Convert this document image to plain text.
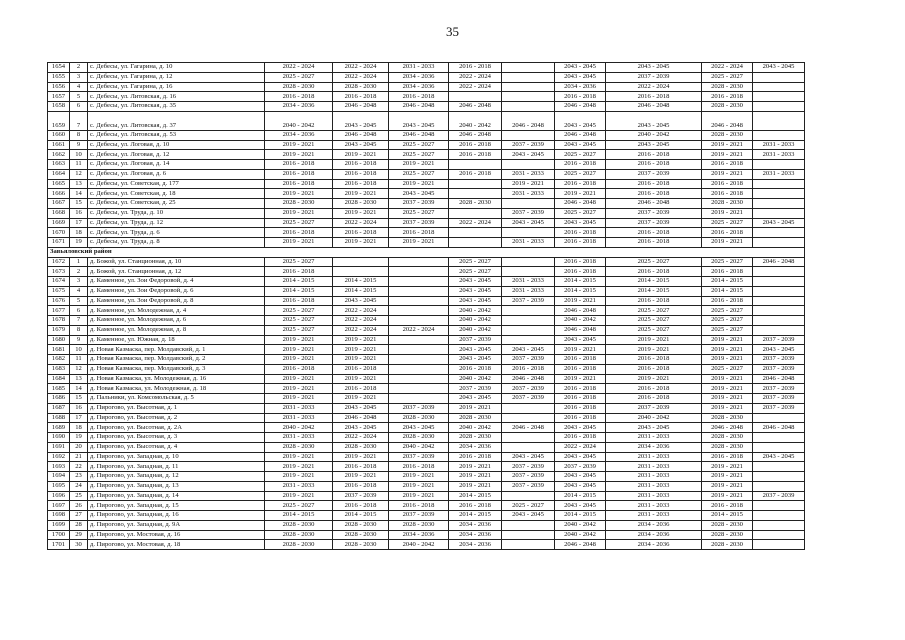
35
1654	2	с. Дебесы, ул. Гагарина, д. 10	2022 - 2024	2022 - 2024	2031 - 2033	2016 - 2018		2043 - 2045	2043 - 2045	2022 - 2024	2043 - 2045
1655	3	с. Дебесы, ул. Гагарина, д. 12	2025 - 2027	2022 - 2024	2034 - 2036	2022 - 2024		2043 - 2045	2037 - 2039	2025 - 2027	
1656	4	с. Дебесы, ул. Гагарина, д. 16	2028 - 2030	2028 - 2030	2034 - 2036	2022 - 2024		2034 - 2036	2022 - 2024	2028 - 2030	
1657	5	с. Дебесы, ул. Литовская, д. 16	2016 - 2018	2016 - 2018	2016 - 2018			2016 - 2018	2016 - 2018	2016 - 2018	
1658	6	с. Дебесы, ул. Литовская, д. 35	2034 - 2036	2046 - 2048	2046 - 2048	2046 - 2048		2046 - 2048	2046 - 2048	2028 - 2030	
1659	7	с. Дебесы, ул. Литовская, д. 37	2040 - 2042	2043 - 2045	2043 - 2045	2040 - 2042	2046 - 2048	2043 - 2045	2043 - 2045	2046 - 2048	
1660	8	с. Дебесы, ул. Литовская, д. 53	2034 - 2036	2046 - 2048	2046 - 2048	2046 - 2048		2046 - 2048	2040 - 2042	2028 - 2030	
1661	9	с. Дебесы, ул. Логовая, д. 10	2019 - 2021	2043 - 2045	2025 - 2027	2016 - 2018	2037 - 2039	2043 - 2045	2043 - 2045	2019 - 2021	2031 - 2033
1662	10	с. Дебесы, ул. Логовая, д. 12	2019 - 2021	2019 - 2021	2025 - 2027	2016 - 2018	2043 - 2045	2025 - 2027	2016 - 2018	2019 - 2021	2031 - 2033
1663	11	с. Дебесы, ул. Логовая, д. 14	2016 - 2018	2016 - 2018	2019 - 2021			2016 - 2018	2016 - 2018	2016 - 2018	
1664	12	с. Дебесы, ул. Логовая, д. 6	2016 - 2018	2016 - 2018	2025 - 2027	2016 - 2018	2031 - 2033	2025 - 2027	2037 - 2039	2019 - 2021	2031 - 2033
1665	13	с. Дебесы, ул. Советская, д. 177	2016 - 2018	2016 - 2018	2019 - 2021		2019 - 2021	2016 - 2018	2016 - 2018	2016 - 2018	
1666	14	с. Дебесы, ул. Советская, д. 18	2019 - 2021	2019 - 2021	2043 - 2045		2031 - 2033	2019 - 2021	2016 - 2018	2016 - 2018	
1667	15	с. Дебесы, ул. Советская, д. 25	2028 - 2030	2028 - 2030	2037 - 2039	2028 - 2030		2046 - 2048	2046 - 2048	2028 - 2030	
1668	16	с. Дебесы, ул. Труда, д. 10	2019 - 2021	2019 - 2021	2025 - 2027		2037 - 2039	2025 - 2027	2037 - 2039	2019 - 2021	
1669	17	с. Дебесы, ул. Труда, д. 12	2025 - 2027	2022 - 2024	2037 - 2039	2022 - 2024	2043 - 2045	2043 - 2045	2037 - 2039	2025 - 2027	2043 - 2045
1670	18	с. Дебесы, ул. Труда, д. 6	2016 - 2018	2016 - 2018	2016 - 2018			2016 - 2018	2016 - 2018	2016 - 2018	
1671	19	с. Дебесы, ул. Труда, д. 8	2019 - 2021	2019 - 2021	2019 - 2021		2031 - 2033	2016 - 2018	2016 - 2018	2019 - 2021	
Завьяловский район											
1672	1	д. Божой, ул. Станционная, д. 10	2025 - 2027			2025 - 2027		2016 - 2018	2025 - 2027	2025 - 2027	2046 - 2048
1673	2	д. Божой, ул. Станционная, д. 12	2016 - 2018			2025 - 2027		2016 - 2018	2016 - 2018	2016 - 2018	
1674	3	д. Каменное, ул. Зои Федоровой, д. 4	2014 - 2015	2014 - 2015		2043 - 2045	2031 - 2033	2014 - 2015	2014 - 2015	2014 - 2015	
1675	4	д. Каменное, ул. Зои Федоровой, д. 6	2014 - 2015	2014 - 2015		2043 - 2045	2031 - 2033	2014 - 2015	2014 - 2015	2014 - 2015	
1676	5	д. Каменное, ул. Зои Федоровой, д. 8	2016 - 2018	2043 - 2045		2043 - 2045	2037 - 2039	2019 - 2021	2016 - 2018	2016 - 2018	
1677	6	д. Каменное, ул. Молодежная, д. 4	2025 - 2027	2022 - 2024		2040 - 2042		2046 - 2048	2025 - 2027	2025 - 2027	
1678	7	д. Каменное, ул. Молодежная, д. 6	2025 - 2027	2022 - 2024		2040 - 2042		2040 - 2042	2025 - 2027	2025 - 2027	
1679	8	д. Каменное, ул. Молодежная, д. 8	2025 - 2027	2022 - 2024	2022 - 2024	2040 - 2042		2046 - 2048	2025 - 2027	2025 - 2027	
1680	9	д. Каменное, ул. Южная, д. 18	2019 - 2021	2019 - 2021		2037 - 2039		2043 - 2045	2019 - 2021	2019 - 2021	2037 - 2039
1681	10	д. Новая Казмаска, пер. Молдавский, д. 1	2019 - 2021	2019 - 2021		2043 - 2045	2043 - 2045	2019 - 2021	2019 - 2021	2019 - 2021	2043 - 2045
1682	11	д. Новая Казмаска, пер. Молдавский, д. 2	2019 - 2021	2019 - 2021		2043 - 2045	2037 - 2039	2016 - 2018	2016 - 2018	2019 - 2021	2037 - 2039
1683	12	д. Новая Казмаска, пер. Молдавский, д. 3	2016 - 2018	2016 - 2018		2016 - 2018	2016 - 2018	2016 - 2018	2016 - 2018	2025 - 2027	2037 - 2039
1684	13	д. Новая Казмаска, ул. Молодежная, д. 16	2019 - 2021	2019 - 2021		2040 - 2042	2046 - 2048	2019 - 2021	2019 - 2021	2019 - 2021	2046 - 2048
1685	14	д. Новая Казмаска, ул. Молодежная, д. 18	2019 - 2021	2016 - 2018		2037 - 2039	2037 - 2039	2016 - 2018	2016 - 2018	2019 - 2021	2037 - 2039
1686	15	д. Пальники, ул. Комсомольская, д. 5	2019 - 2021	2019 - 2021		2043 - 2045	2037 - 2039	2016 - 2018	2016 - 2018	2019 - 2021	2037 - 2039
1687	16	д. Пирогово, ул. Высотная, д. 1	2031 - 2033	2043 - 2045	2037 - 2039	2019 - 2021		2016 - 2018	2037 - 2039	2019 - 2021	2037 - 2039
1688	17	д. Пирогово, ул. Высотная, д. 2	2031 - 2033	2046 - 2048	2028 - 2030	2028 - 2030		2016 - 2018	2040 - 2042	2028 - 2030	
1689	18	д. Пирогово, ул. Высотная, д. 2А	2040 - 2042	2043 - 2045	2043 - 2045	2040 - 2042	2046 - 2048	2043 - 2045	2043 - 2045	2046 - 2048	2046 - 2048
1690	19	д. Пирогово, ул. Высотная, д. 3	2031 - 2033	2022 - 2024	2028 - 2030	2028 - 2030		2016 - 2018	2031 - 2033	2028 - 2030	
1691	20	д. Пирогово, ул. Высотная, д. 4	2028 - 2030	2028 - 2030	2040 - 2042	2034 - 2036		2022 - 2024	2034 - 2036	2028 - 2030	
1692	21	д. Пирогово, ул. Западная, д. 10	2019 - 2021	2019 - 2021	2037 - 2039	2016 - 2018	2043 - 2045	2043 - 2045	2031 - 2033	2016 - 2018	2043 - 2045
1693	22	д. Пирогово, ул. Западная, д. 11	2019 - 2021	2016 - 2018	2016 - 2018	2019 - 2021	2037 - 2039	2037 - 2039	2031 - 2033	2019 - 2021	
1694	23	д. Пирогово, ул. Западная, д. 12	2019 - 2021	2019 - 2021	2019 - 2021	2019 - 2021	2037 - 2039	2043 - 2045	2031 - 2033	2019 - 2021	
1695	24	д. Пирогово, ул. Западная, д. 13	2031 - 2033	2016 - 2018	2019 - 2021	2019 - 2021	2037 - 2039	2043 - 2045	2031 - 2033	2019 - 2021	
1696	25	д. Пирогово, ул. Западная, д. 14	2019 - 2021	2037 - 2039	2019 - 2021	2014 - 2015		2014 - 2015	2031 - 2033	2019 - 2021	2037 - 2039
1697	26	д. Пирогово, ул. Западная, д. 15	2025 - 2027	2016 - 2018	2016 - 2018	2016 - 2018	2025 - 2027	2043 - 2045	2031 - 2033	2016 - 2018	
1698	27	д. Пирогово, ул. Западная, д. 16	2014 - 2015	2014 - 2015	2037 - 2039	2014 - 2015	2043 - 2045	2014 - 2015	2031 - 2033	2014 - 2015	
1699	28	д. Пирогово, ул. Западная, д. 9А	2028 - 2030	2028 - 2030	2028 - 2030	2034 - 2036		2040 - 2042	2034 - 2036	2028 - 2030	
1700	29	д. Пирогово, ул. Мостовая, д. 16	2028 - 2030	2028 - 2030	2034 - 2036	2034 - 2036		2040 - 2042	2034 - 2036	2028 - 2030	
1701	30	д. Пирогово, ул. Мостовая, д. 18	2028 - 2030	2028 - 2030	2040 - 2042	2034 - 2036		2046 - 2048	2034 - 2036	2028 - 2030	
